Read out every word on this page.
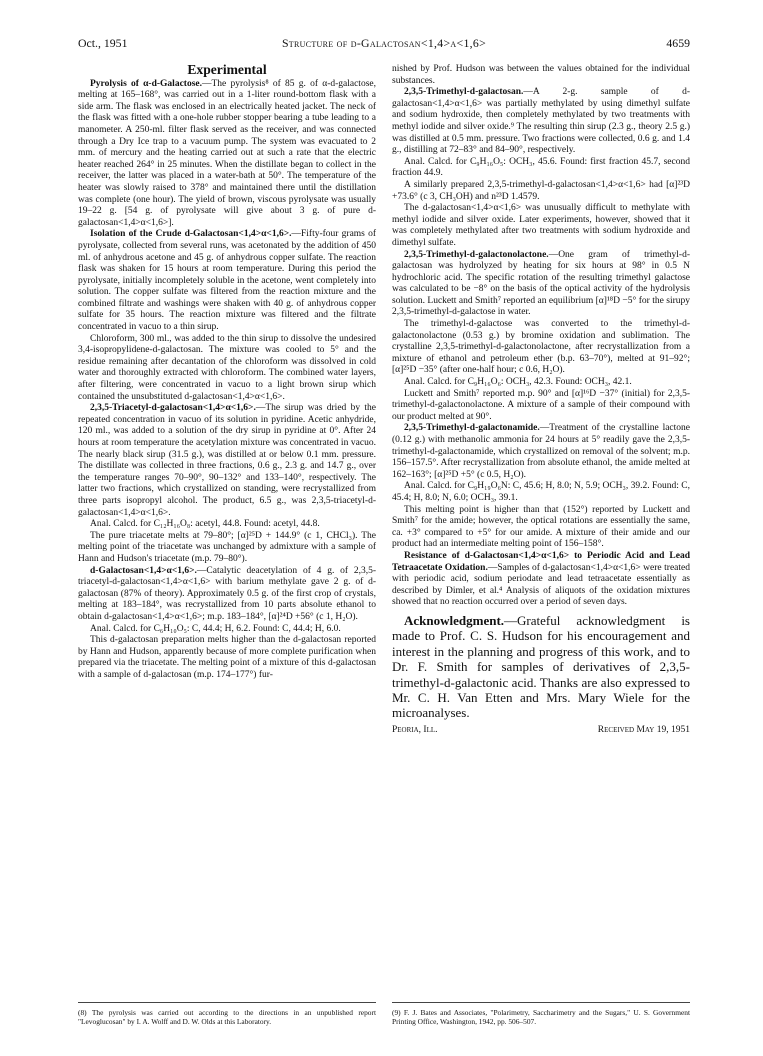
Oct., 1951	Structure of d-Galactosan<1,4>α<1,6>	4659
Experimental

Pyrolysis of α-d-Galactose.—The pyrolysis⁸ of 85 g. of α-d-galactose, melting at 165–168°, was carried out in a 1-liter round-bottom flask with a side arm. The flask was enclosed in an electrically heated jacket. The neck of the flask was fitted with a one-hole rubber stopper bearing a tube leading to a manometer. A 250-ml. filter flask served as the receiver, and was connected through a Dry Ice trap to a vacuum pump. The system was evacuated to 2 mm. of mercury and the heating carried out at such a rate that the electric heater reached 264° in 25 minutes. When the distillate began to collect in the receiver, the latter was placed in a water-bath at 50°. The temperature of the heater was slowly raised to 378° and maintained there until the distillation was complete (one hour). The yield of brown, viscous pyrolysate was usually 19–22 g. [54 g. of pyrolysate will give about 3 g. of pure d-galactosan<1,4>α<1,6>].

Isolation of the Crude d-Galactosan<1,4>α<1,6>.—Fifty-four grams of pyrolysate, collected from several runs, was acetonated by the addition of 450 ml. of anhydrous acetone and 45 g. of anhydrous copper sulfate. The reaction flask was shaken for 15 hours at room temperature. During this period the pyrolysate, initially incompletely soluble in the acetone, went completely into solution. The copper sulfate was filtered from the reaction mixture and the combined filtrate and washings were shaken with 40 g. of anhydrous copper sulfate for 35 hours. The reaction mixture was filtered and the filtrate concentrated in vacuo to a thin sirup.

Chloroform, 300 ml., was added to the thin sirup to dissolve the undesired 3,4-isopropylidene-d-galactosan. The mixture was cooled to 5° and the residue remaining after decantation of the chloroform was dissolved in cold water and thoroughly extracted with chloroform. The combined water layers, after filtering, were concentrated in vacuo to a light brown sirup which contained the unsubstituted d-galactosan<1,4>α<1,6>.

2,3,5-Triacetyl-d-galactosan<1,4>α<1,6>.—The sirup was dried by the repeated concentration in vacuo of its solution in pyridine. Acetic anhydride, 120 ml., was added to a solution of the dry sirup in pyridine at 0°. After 24 hours at room temperature the acetylation mixture was concentrated in vacuo. The nearly black sirup (31.5 g.), was distilled at or below 0.1 mm. pressure. The distillate was collected in three fractions, 0.6 g., 2.3 g. and 14.7 g., over the temperature ranges 70–90°, 90–132° and 133–140°, respectively. The latter two fractions, which crystallized on standing, were recrystallized from three parts isopropyl alcohol. The product, 6.5 g., was 2,3,5-triacetyl-d-galactosan<1,4>α<1,6>.

Anal. Calcd. for C₁₂H₁₆O₈: acetyl, 44.8. Found: acetyl, 44.8.

The pure triacetate melts at 79–80°; [α]²⁵D + 144.9° (c 1, CHCl₃). The melting point of the triacetate was unchanged by admixture with a sample of Hann and Hudson's triacetate (m.p. 79–80°).

d-Galactosan<1,4>α<1,6>.—Catalytic deacetylation of 4 g. of 2,3,5-triacetyl-d-galactosan<1,4>α<1,6> with barium methylate gave 2 g. of d-galactosan (87% of theory). Approximately 0.5 g. of the first crop of crystals, melting at 183–184°, was recrystallized from 10 parts absolute ethanol to obtain d-galactosan<1,4>α<1,6>; m.p. 183–184°, [α]²⁴D +56° (c 1, H₂O).

Anal. Calcd. for C₆H₁₀O₅: C, 44.4; H, 6.2. Found: C, 44.4; H, 6.0.

This d-galactosan preparation melts higher than the d-galactosan reported by Hann and Hudson, apparently because of more complete purification when prepared via the triacetate. The melting point of a mixture of this d-galactosan with a sample of d-galactosan (m.p. 174–177°) fur-

nished by Prof. Hudson was between the values obtained for the individual substances.

2,3,5-Trimethyl-d-galactosan.—A 2-g. sample of d-galactosan<1,4>α<1,6> was partially methylated by using dimethyl sulfate and sodium hydroxide, then completely methylated by two treatments with methyl iodide and silver oxide.⁹ The resulting thin sirup (2.3 g., theory 2.5 g.) was distilled at 0.5 mm. pressure. Two fractions were collected, 0.6 g. and 1.4 g., distilling at 72–83° and 84–90°, respectively.

Anal. Calcd. for C₉H₁₆O₅: OCH₃, 45.6. Found: first fraction 45.7, second fraction 44.9.

A similarly prepared 2,3,5-trimethyl-d-galactosan<1,4>α<1,6> had [α]²³D +73.6° (c 3, CH₃OH) and n²³D 1.4579.

The d-galactosan<1,4>α<1,6> was unusually difficult to methylate with methyl iodide and silver oxide. Later experiments, however, showed that it was completely methylated after two treatments with sodium hydroxide and dimethyl sulfate.

2,3,5-Trimethyl-d-galactonolactone.—One gram of trimethyl-d-galactosan was hydrolyzed by heating for six hours at 98° in 0.5 N hydrochloric acid. The specific rotation of the resulting trimethyl galactose was calculated to be −8° on the basis of the optical activity of the hydrolysis solution. Luckett and Smith⁷ reported an equilibrium [α]¹⁸D −5° for the sirupy 2,3,5-trimethyl-d-galactose in water.

The trimethyl-d-galactose was converted to the trimethyl-d-galactonolactone (0.53 g.) by bromine oxidation and sublimation. The crystalline 2,3,5-trimethyl-d-galactonolactone, after recrystallization from a mixture of ethanol and petroleum ether (b.p. 63–70°), melted at 91–92°; [α]²⁵D −35° (after one-half hour; c 0.6, H₂O).

Anal. Calcd. for C₉H₁₆O₆: OCH₃, 42.3. Found: OCH₃, 42.1.

Luckett and Smith⁷ reported m.p. 90° and [α]¹⁶D −37° (initial) for 2,3,5-trimethyl-d-galactonolactone. A mixture of a sample of their compound with our product melted at 90°.

2,3,5-Trimethyl-d-galactonamide.—Treatment of the crystalline lactone (0.12 g.) with methanolic ammonia for 24 hours at 5° readily gave the 2,3,5-trimethyl-d-galactonamide, which crystallized on removal of the solvent; m.p. 156–157.5°. After recrystallization from absolute ethanol, the amide melted at 162–163°; [α]²⁵D +5° (c 0.5, H₂O).

Anal. Calcd. for C₉H₁₉O₆N: C, 45.6; H, 8.0; N, 5.9; OCH₃, 39.2. Found: C, 45.4; H, 8.0; N, 6.0; OCH₃, 39.1.

This melting point is higher than that (152°) reported by Luckett and Smith⁷ for the amide; however, the optical rotations are essentially the same, ca. +3° compared to +5° for our amide. A mixture of their amide and our product had an intermediate melting point of 156–158°.

Resistance of d-Galactosan<1,4>α<1,6> to Periodic Acid and Lead Tetraacetate Oxidation.—Samples of d-galactosan<1,4>α<1,6> were treated with periodic acid, sodium periodate and lead tetraacetate essentially as described by Dimler, et al.⁴ Analysis of aliquots of the oxidation mixtures showed that no reaction occurred over a period of seven days.

Acknowledgment.—Grateful acknowledgment is made to Prof. C. S. Hudson for his encouragement and interest in the planning and progress of this work, and to Dr. F. Smith for samples of derivatives of 2,3,5-trimethyl-d-galactonic acid. Thanks are also expressed to Mr. C. H. Van Etten and Mrs. Mary Wiele for the microanalyses.

Peoria, Ill.	Received May 19, 1951
(8) The pyrolysis was carried out according to the directions in an unpublished report "Levoglucosan" by I. A. Wolff and D. W. Olds at this Laboratory.
(9) F. J. Bates and Associates, "Polarimetry, Saccharimetry and the Sugars," U. S. Government Printing Office, Washington, 1942, pp. 506–507.
